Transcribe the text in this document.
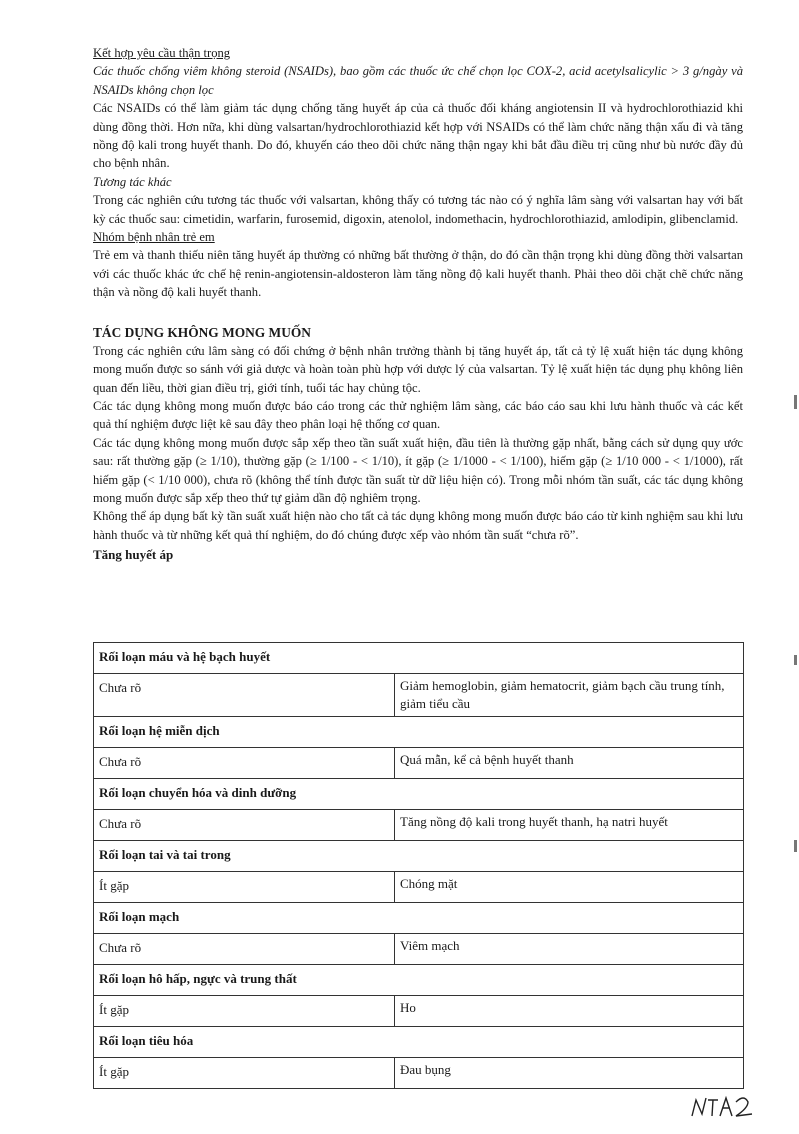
Kết hợp yêu cầu thận trọng

Các thuốc chống viêm không steroid (NSAIDs), bao gồm các thuốc ức chế chọn lọc COX-2, acid acetylsalicylic > 3 g/ngày và NSAIDs không chọn lọc

Các NSAIDs có thể làm giảm tác dụng chống tăng huyết áp của cả thuốc đối kháng angiotensin II và hydrochlorothiazid khi dùng đồng thời. Hơn nữa, khi dùng valsartan/hydrochlorothiazid kết hợp với NSAIDs có thể làm chức năng thận xấu đi và tăng nồng độ kali trong huyết thanh. Do đó, khuyến cáo theo dõi chức năng thận ngay khi bắt đầu điều trị cũng như bù nước đầy đủ cho bệnh nhân.

Tương tác khác

Trong các nghiên cứu tương tác thuốc với valsartan, không thấy có tương tác nào có ý nghĩa lâm sàng với valsartan hay với bất kỳ các thuốc sau: cimetidin, warfarin, furosemid, digoxin, atenolol, indomethacin, hydrochlorothiazid, amlodipin, glibenclamid.

Nhóm bệnh nhân trẻ em

Trẻ em và thanh thiếu niên tăng huyết áp thường có những bất thường ở thận, do đó cần thận trọng khi dùng đồng thời valsartan với các thuốc khác ức chế hệ renin-angiotensin-aldosteron làm tăng nồng độ kali huyết thanh. Phải theo dõi chặt chẽ chức năng thận và nồng độ kali huyết thanh.

TÁC DỤNG KHÔNG MONG MUỐN

Trong các nghiên cứu lâm sàng có đối chứng ở bệnh nhân trưởng thành bị tăng huyết áp, tất cả tỷ lệ xuất hiện tác dụng không mong muốn được so sánh với giả dược và hoàn toàn phù hợp với dược lý của valsartan. Tỷ lệ xuất hiện tác dụng phụ không liên quan đến liều, thời gian điều trị, giới tính, tuổi tác hay chủng tộc.

Các tác dụng không mong muốn được báo cáo trong các thử nghiệm lâm sàng, các báo cáo sau khi lưu hành thuốc và các kết quả thí nghiệm được liệt kê sau đây theo phân loại hệ thống cơ quan.

Các tác dụng không mong muốn được sắp xếp theo tần suất xuất hiện, đầu tiên là thường gặp nhất, bằng cách sử dụng quy ước sau: rất thường gặp (≥ 1/10), thường gặp (≥ 1/100 - < 1/10), ít gặp (≥ 1/1000 - < 1/100), hiếm gặp (≥ 1/10 000 - < 1/1000), rất hiếm gặp (< 1/10 000), chưa rõ (không thể tính được tần suất từ dữ liệu hiện có). Trong mỗi nhóm tần suất, các tác dụng không mong muốn được sắp xếp theo thứ tự giảm dần độ nghiêm trọng.

Không thể áp dụng bất kỳ tần suất xuất hiện nào cho tất cả tác dụng không mong muốn được báo cáo từ kinh nghiệm sau khi lưu hành thuốc và từ những kết quả thí nghiệm, do đó chúng được xếp vào nhóm tần suất “chưa rõ”.

Tăng huyết áp

Rối loạn máu và hệ bạch huyết	
Chưa rõ	Giảm hemoglobin, giảm hematocrit, giảm bạch cầu trung tính, giảm tiểu cầu
Rối loạn hệ miễn dịch	
Chưa rõ	Quá mẫn, kể cả bệnh huyết thanh
Rối loạn chuyển hóa và dinh dưỡng	
Chưa rõ	Tăng nồng độ kali trong huyết thanh, hạ natri huyết
Rối loạn tai và tai trong	
Ít gặp	Chóng mặt
Rối loạn mạch	
Chưa rõ	Viêm mạch
Rối loạn hô hấp, ngực và trung thất	
Ít gặp	Ho
Rối loạn tiêu hóa	
Ít gặp	Đau bụng
